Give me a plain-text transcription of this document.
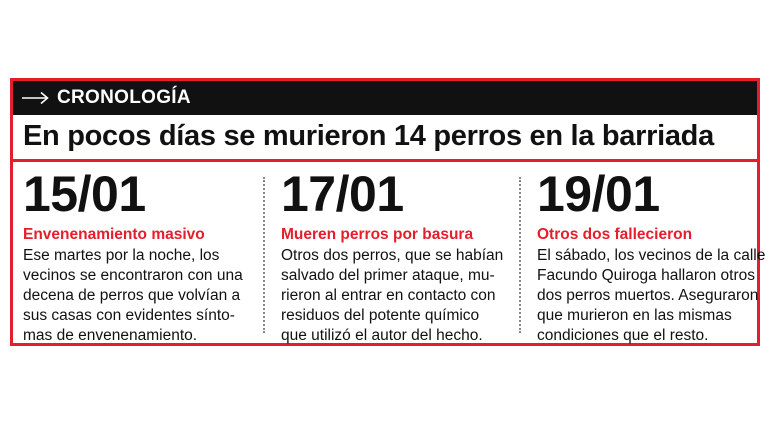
CRONOLOGÍA
En pocos días se murieron 14 perros en la barriada
15/01
Envenenamiento masivo
Ese martes por la noche, los
vecinos se encontraron con una
decena de perros que volvían a
sus casas con evidentes sínto-
mas de envenenamiento.
17/01
Mueren perros por basura
Otros dos perros, que se habían
salvado del primer ataque, mu-
rieron al entrar en contacto con
residuos del potente químico
que utilizó el autor del hecho.
19/01
Otros dos fallecieron
El sábado, los vecinos de la calle
Facundo Quiroga hallaron otros
dos perros muertos. Aseguraron
que murieron en las mismas
condiciones que el resto.
